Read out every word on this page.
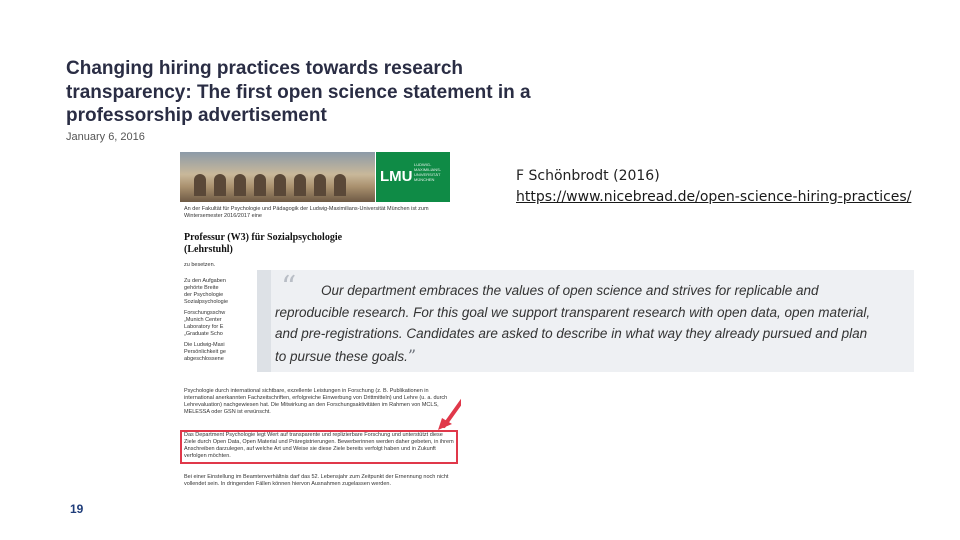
Changing hiring practices towards research transparency: The first open science statement in a professorship advertisement
January 6, 2016
F Schönbrodt (2016)
https://www.nicebread.de/open-science-hiring-practices/
LMU
LUDWIG-MAXIMILIANS-UNIVERSITÄT MÜNCHEN
An der Fakultät für Psychologie und Pädagogik der Ludwig-Maximilians-Universität München ist zum Wintersemester 2016/2017 eine
Professur (W3) für Sozialpsychologie (Lehrstuhl)
zu besetzen.
Zu den Aufgaben
gehörte Breite
der Psychologie
Sozialpsychologie
Forschungsschw
„Munich Center
Laboratory for E
„Graduate Scho
Die Ludwig-Maxi
Persönlichkeit ge
abgeschlossene
Psychologie durch international sichtbare, exzellente Leistungen in Forschung (z. B. Publikationen in international anerkannten Fachzeitschriften, erfolgreiche Einwerbung von Drittmitteln) und Lehre (u. a. durch Lehrevaluation) nachgewiesen hat. Die Mitwirkung an den Forschungsaktivitäten im Rahmen von MCLS, MELESSA oder GSN ist erwünscht.
Das Department Psychologie legt Wert auf transparente und replizierbare Forschung und unterstützt diese Ziele durch Open Data, Open Material und Präregistrierungen. Bewerberinnen werden daher gebeten, in ihrem Anschreiben darzulegen, auf welche Art und Weise sie diese Ziele bereits verfolgt haben und in Zukunft verfolgen möchten.
Bei einer Einstellung im Beamtenverhältnis darf das 52. Lebensjahr zum Zeitpunkt der Ernennung noch nicht vollendet sein. In dringenden Fällen können hiervon Ausnahmen zugelassen werden.
“	Our department embraces the values of open science and strives for replicable and reproducible research. For this goal we support transparent research with open data, open material, and pre-registrations. Candidates are asked to describe in what way they already pursued and plan to pursue these goals.”
19
